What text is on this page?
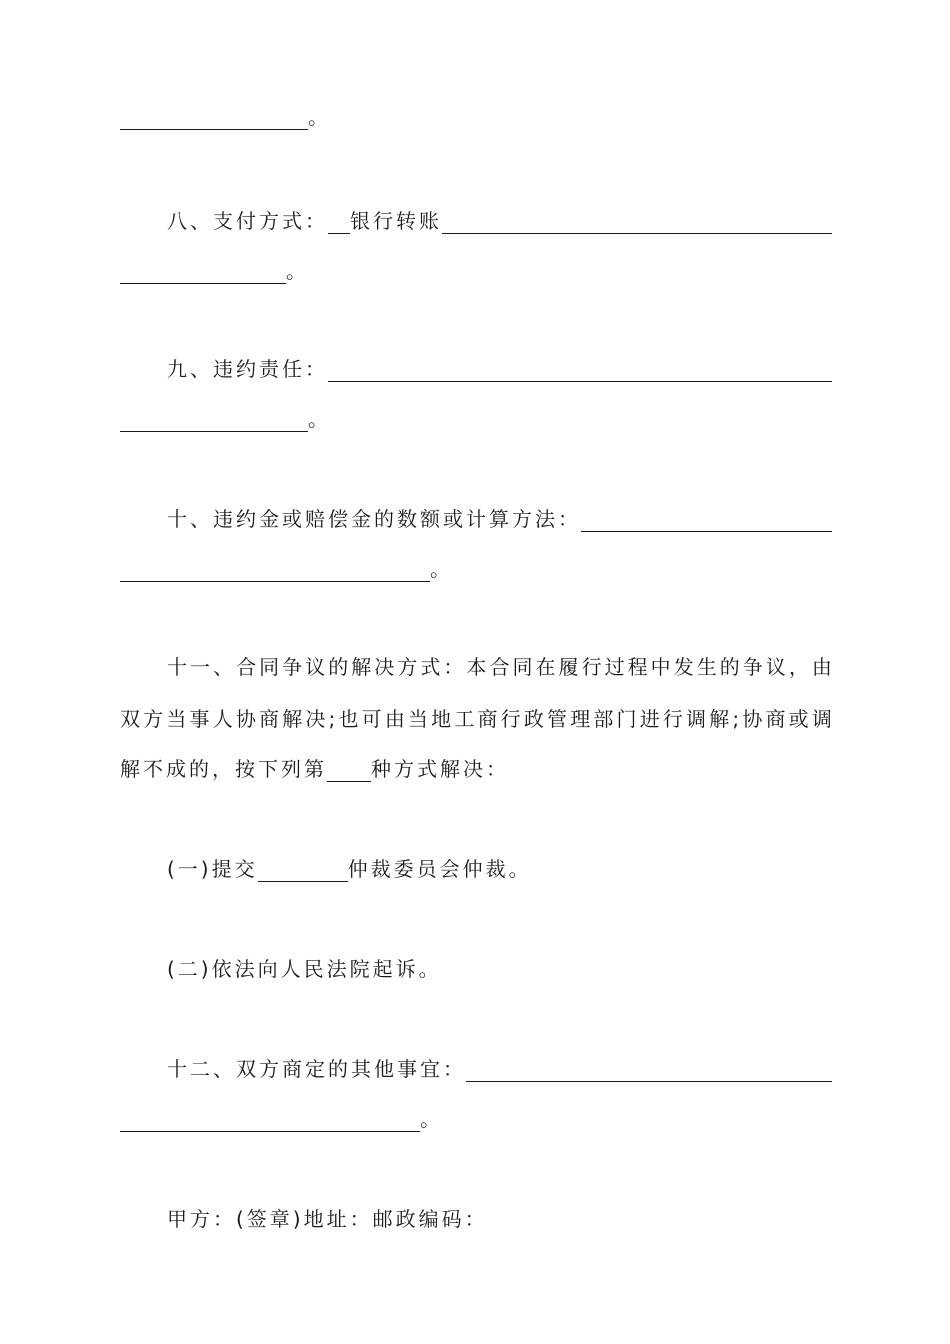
。
八、支付方式： 银行转账
。
九、违约责任：
。
十、违约金或赔偿金的数额或计算方法：
。
十 一 、 合 同 争 议 的 解 决 方 式 ： 本 合 同 在 履 行 过 程 中 发 生 的 争 议 ， 由
双 方 当 事 人 协 商 解 决 ; 也 可 由 当 地 工 商 行 政 管 理 部 门 进 行 调 解 ; 协 商 或 调
解不成的，按下列第 种方式解决：
(一)提交	仲裁委员会仲裁。
(二)依法向人民法院起诉。
十二、双方商定的其他事宜：
。
甲方：(签章)地址：邮政编码：
